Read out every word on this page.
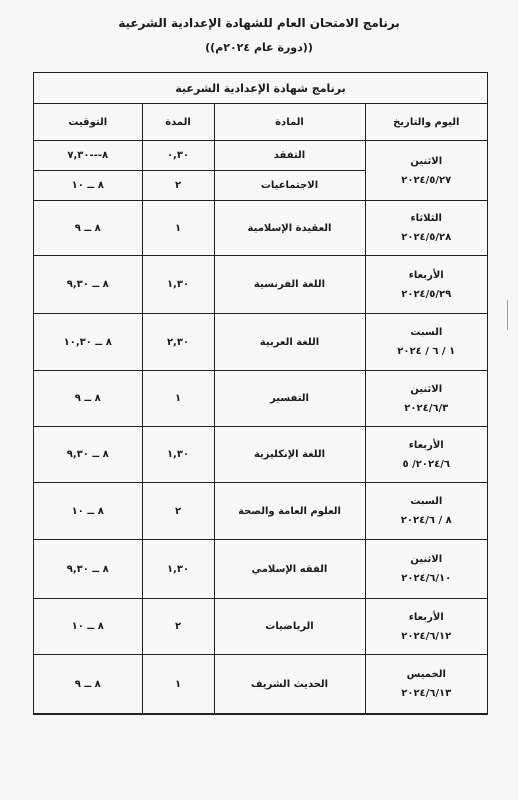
برنامج الامتحان العام للشهادة الإعدادية الشرعية
((دورة عام ٢٠٢٤م))
برنامج شهادة الإعدادية الشرعية
اليوم والتاريخ	المادة	المدة	التوقيت

الاثنين
٢٠٢٤/٥/٢٧	التفقد	٠,٣٠	٨---٧,٣٠
	الاجتماعيات	٢	٨ ــ ١٠

الثلاثاء
٢٠٢٤/٥/٢٨	العقيدة الإسلامية	١	٨ ــ ٩

الأربعاء
٢٠٢٤/٥/٢٩	اللغة الفرنسية	١,٣٠	٨ ــ ٩,٣٠

السبت
١ / ٦ / ٢٠٢٤	اللغة العربية	٢,٣٠	٨ ــ ١٠,٣٠

الاثنين
٢٠٢٤/٦/٣	التفسير	١	٨ ــ ٩

الأربعاء
٢٠٢٤/٦/ ٥	اللغة الإنكليزية	١,٣٠	٨ ــ ٩,٣٠

السبت
٨ / ٢٠٢٤/٦	العلوم العامة والصحة	٢	٨ ــ ١٠

الاثنين
٢٠٢٤/٦/١٠	الفقه الإسلامي	١,٣٠	٨ ــ ٩,٣٠

الأربعاء
٢٠٢٤/٦/١٢	الرياضيات	٢	٨ ــ ١٠

الخميس
٢٠٢٤/٦/١٣	الحديث الشريف	١	٨ ــ ٩
